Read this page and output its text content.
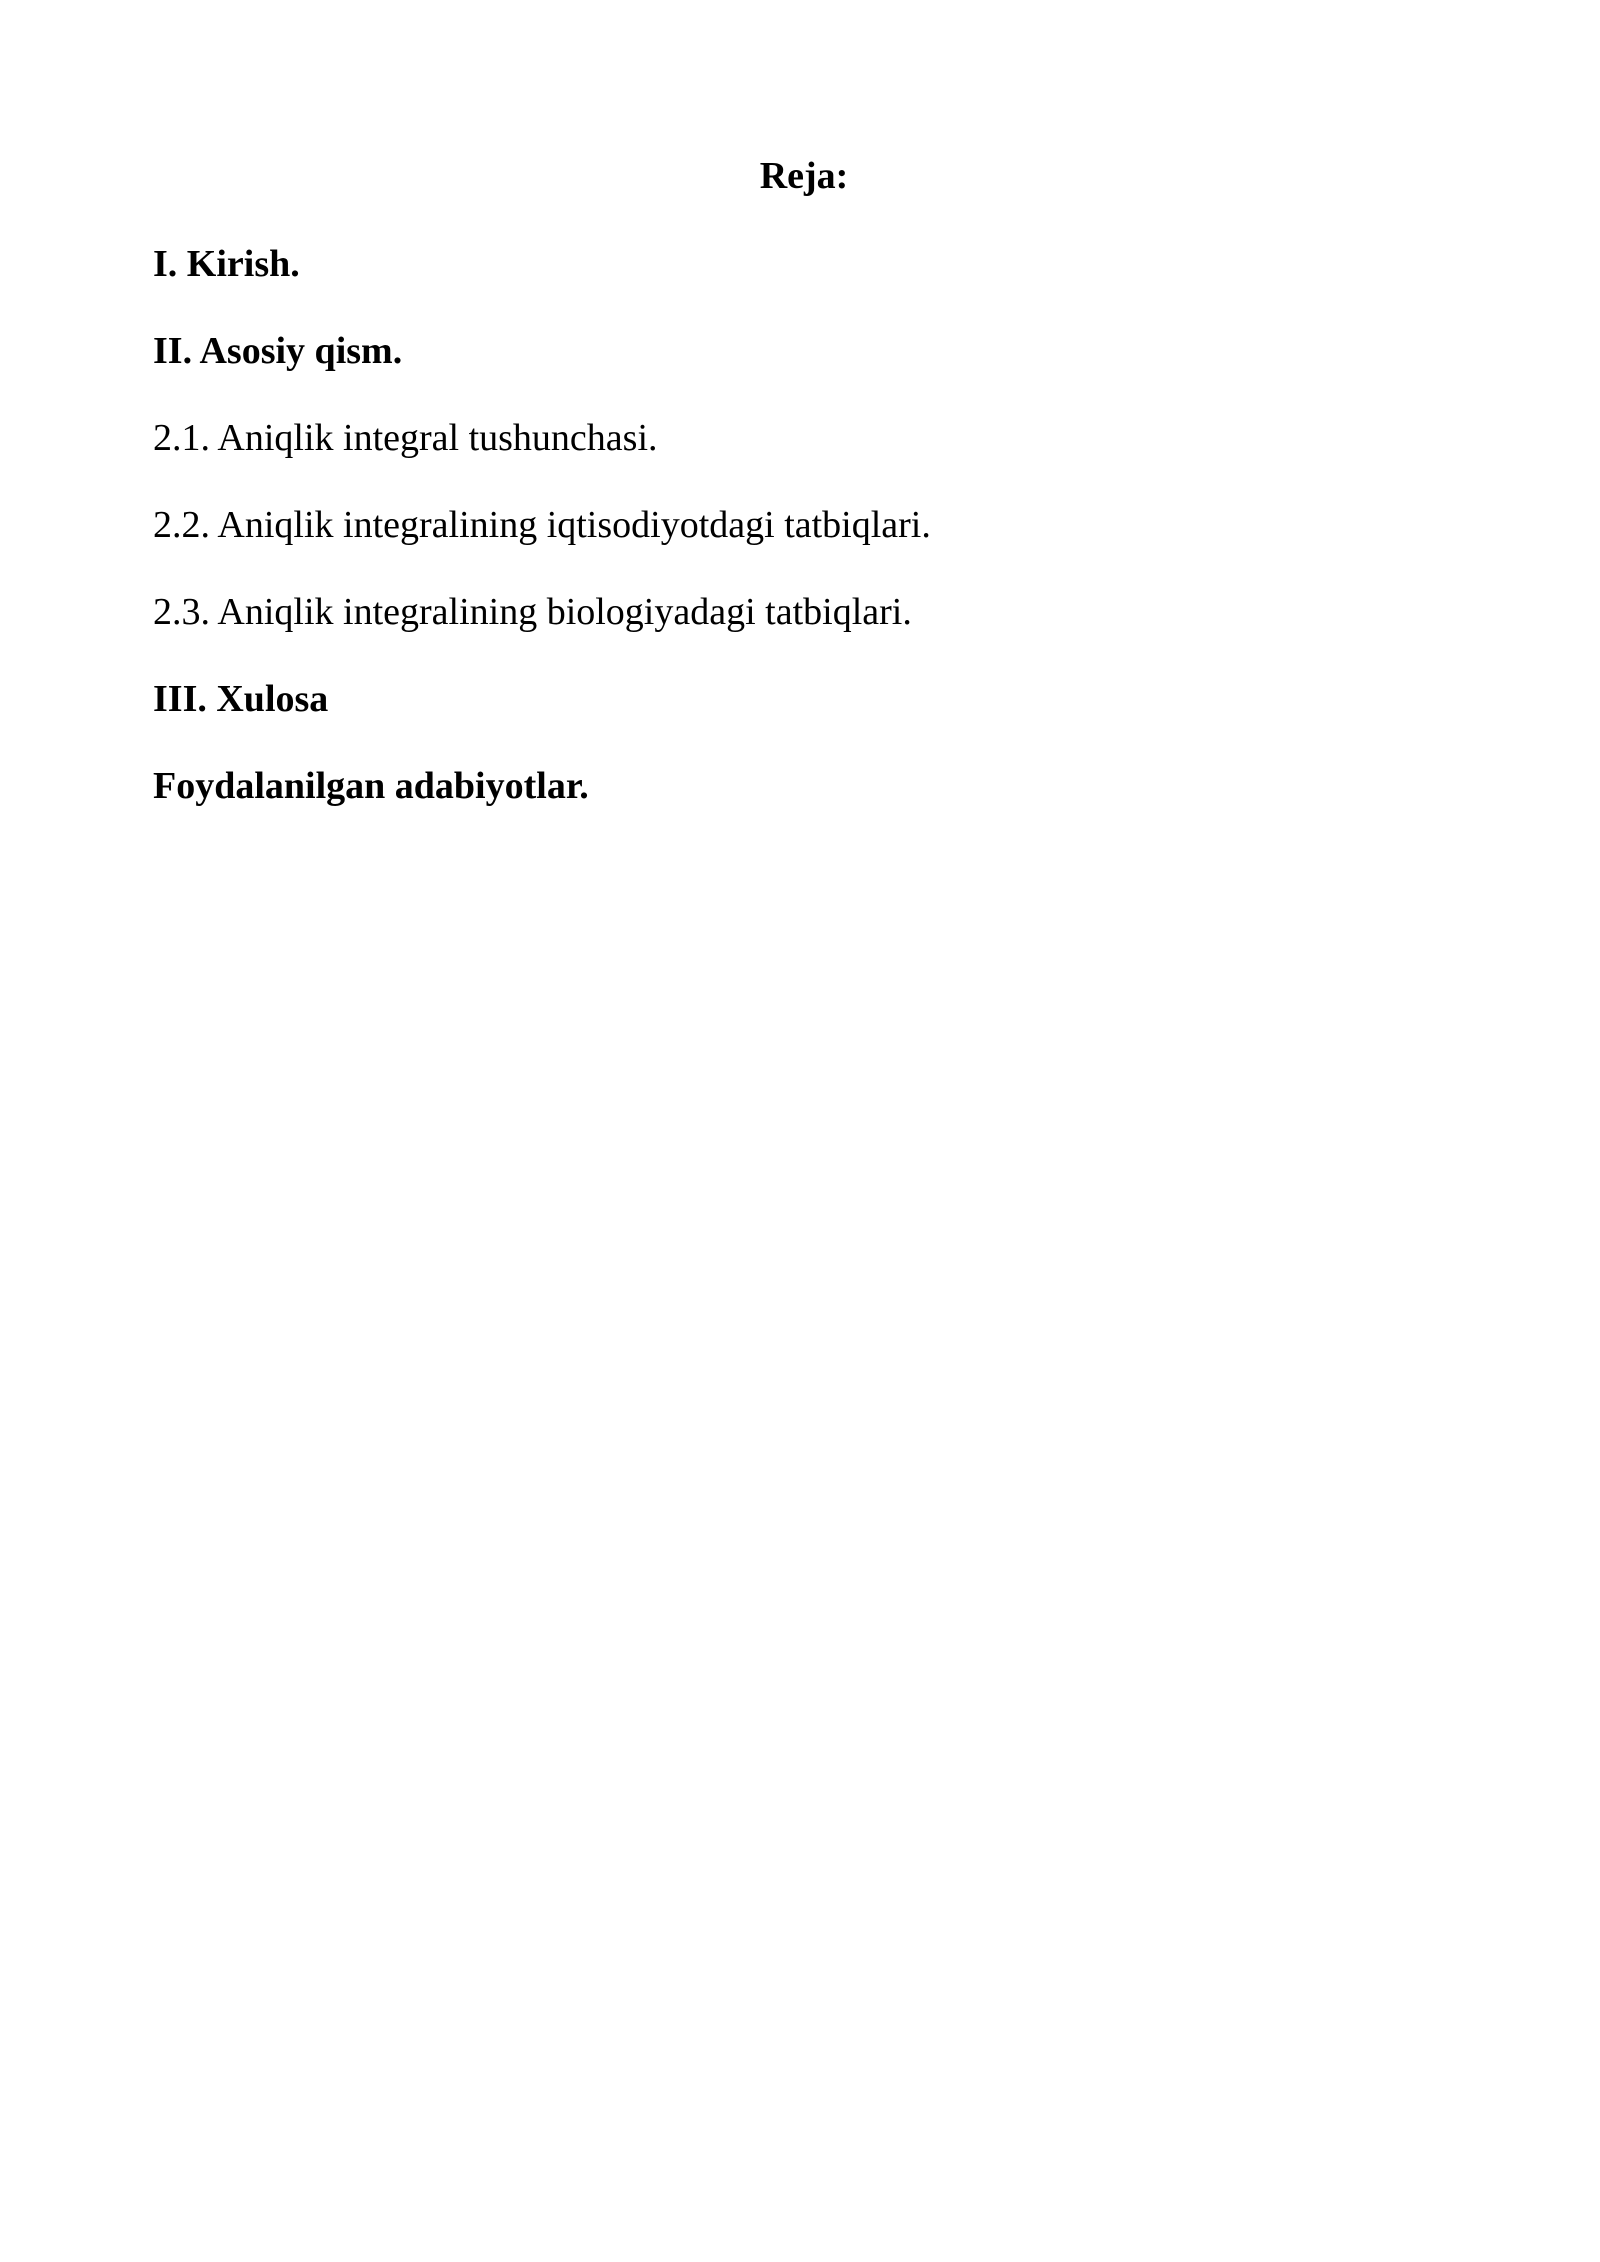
Reja:
I. Kirish.
II. Asosiy qism.
2.1. Aniqlik integral tushunchasi.
2.2. Aniqlik integralining iqtisodiyotdagi tatbiqlari.
2.3. Aniqlik integralining biologiyadagi tatbiqlari.
III. Xulosa
Foydalanilgan adabiyotlar.
